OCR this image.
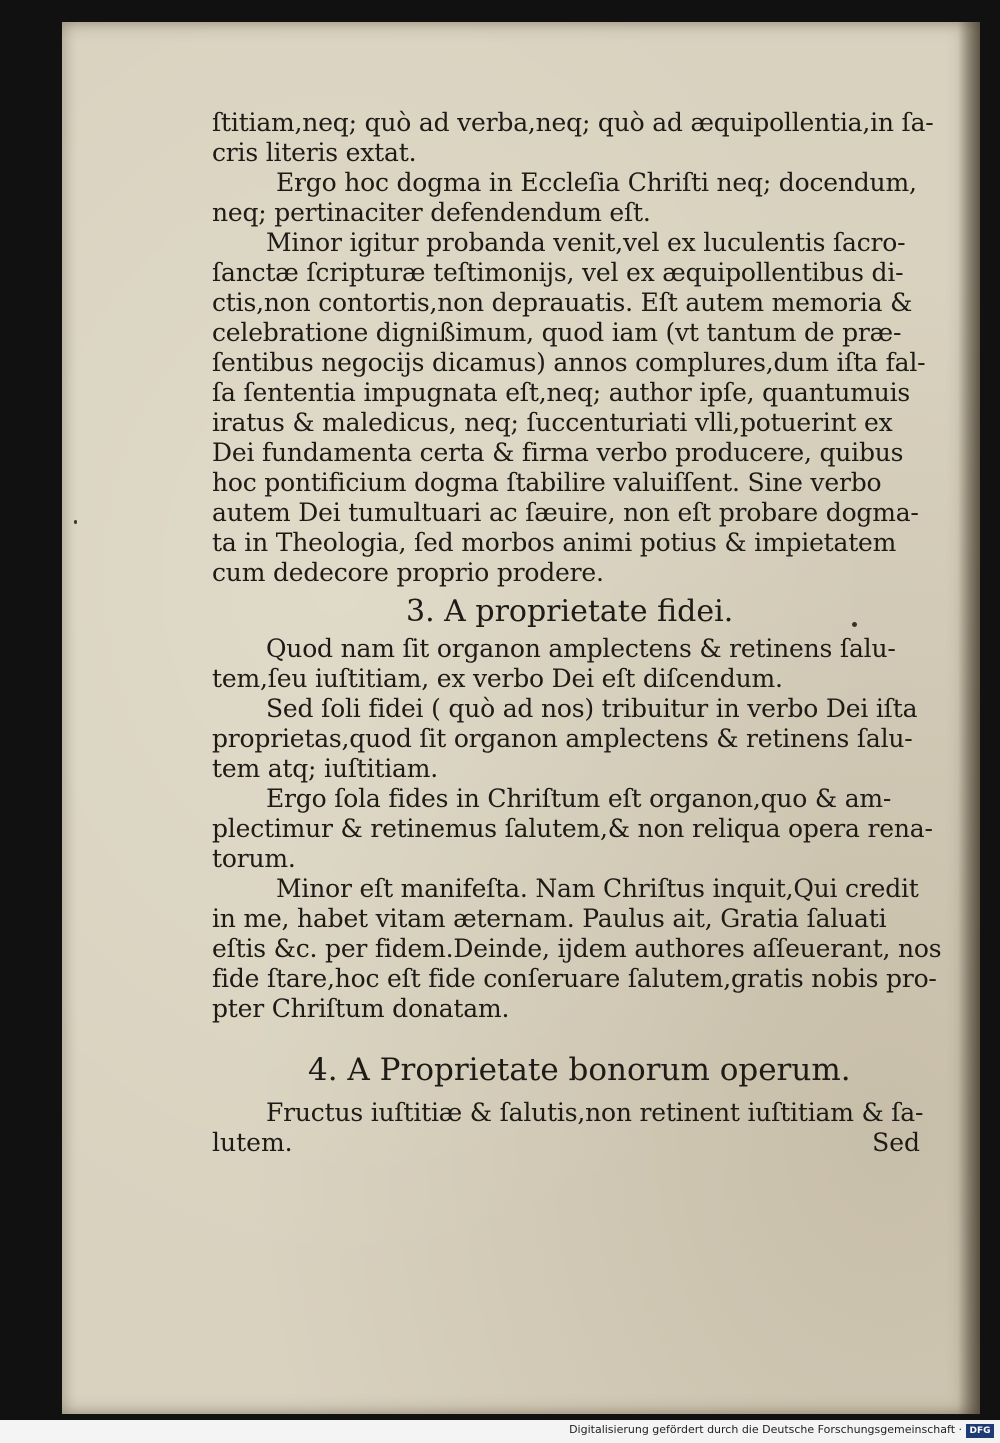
ſtitiam,neq; quò ad verba,neq; quò ad æquipollentia,in ſa-
cris literis extat.
Ergo hoc dogma in Eccleſia Chriſti neq; docendum,
neq; pertinaciter defendendum eſt.
Minor igitur probanda venit,vel ex luculentis ſacro-
ſanctæ ſcripturæ teſtimonijs, vel ex æquipollentibus di-
ctis,non contortis,non deprauatis. Eſt autem memoria &
celebratione dignißimum, quod iam (vt tantum de præ-
ſentibus negocijs dicamus) annos complures,dum iſta fal-
ſa ſententia impugnata eſt,neq; author ipſe, quantumuis
iratus & maledicus, neq; ſuccenturiati vlli,potuerint ex
Dei fundamenta certa & firma verbo producere, quibus
hoc pontificium dogma ſtabilire valuiſſent. Sine verbo
autem Dei tumultuari ac ſæuire, non eſt probare dogma-
ta in Theologia, ſed morbos animi potius & impietatem
cum dedecore proprio prodere.
3. A proprietate fidei.
Quod nam ſit organon amplectens & retinens ſalu-
tem,ſeu iuſtitiam, ex verbo Dei eſt diſcendum.
Sed ſoli fidei ( quò ad nos) tribuitur in verbo Dei iſta
proprietas,quod ſit organon amplectens & retinens ſalu-
tem atq; iuſtitiam.
Ergo ſola fides in Chriſtum eſt organon,quo & am-
plectimur & retinemus ſalutem,& non reliqua opera rena-
torum.
Minor eſt manifeſta. Nam Chriſtus inquit,Qui credit
in me, habet vitam æternam. Paulus ait, Gratia ſaluati
eſtis &c. per fidem.Deinde, ijdem authores aſſeuerant, nos
fide ſtare,hoc eſt fide conſeruare ſalutem,gratis nobis pro-
pter Chriſtum donatam.
4. A Proprietate bonorum operum.
Fructus iuſtitiæ & ſalutis,non retinent iuſtitiam & ſa-
lutem.	Sed
Digitalisierung gefördert durch die Deutsche Forschungsgemeinschaft · DFG
